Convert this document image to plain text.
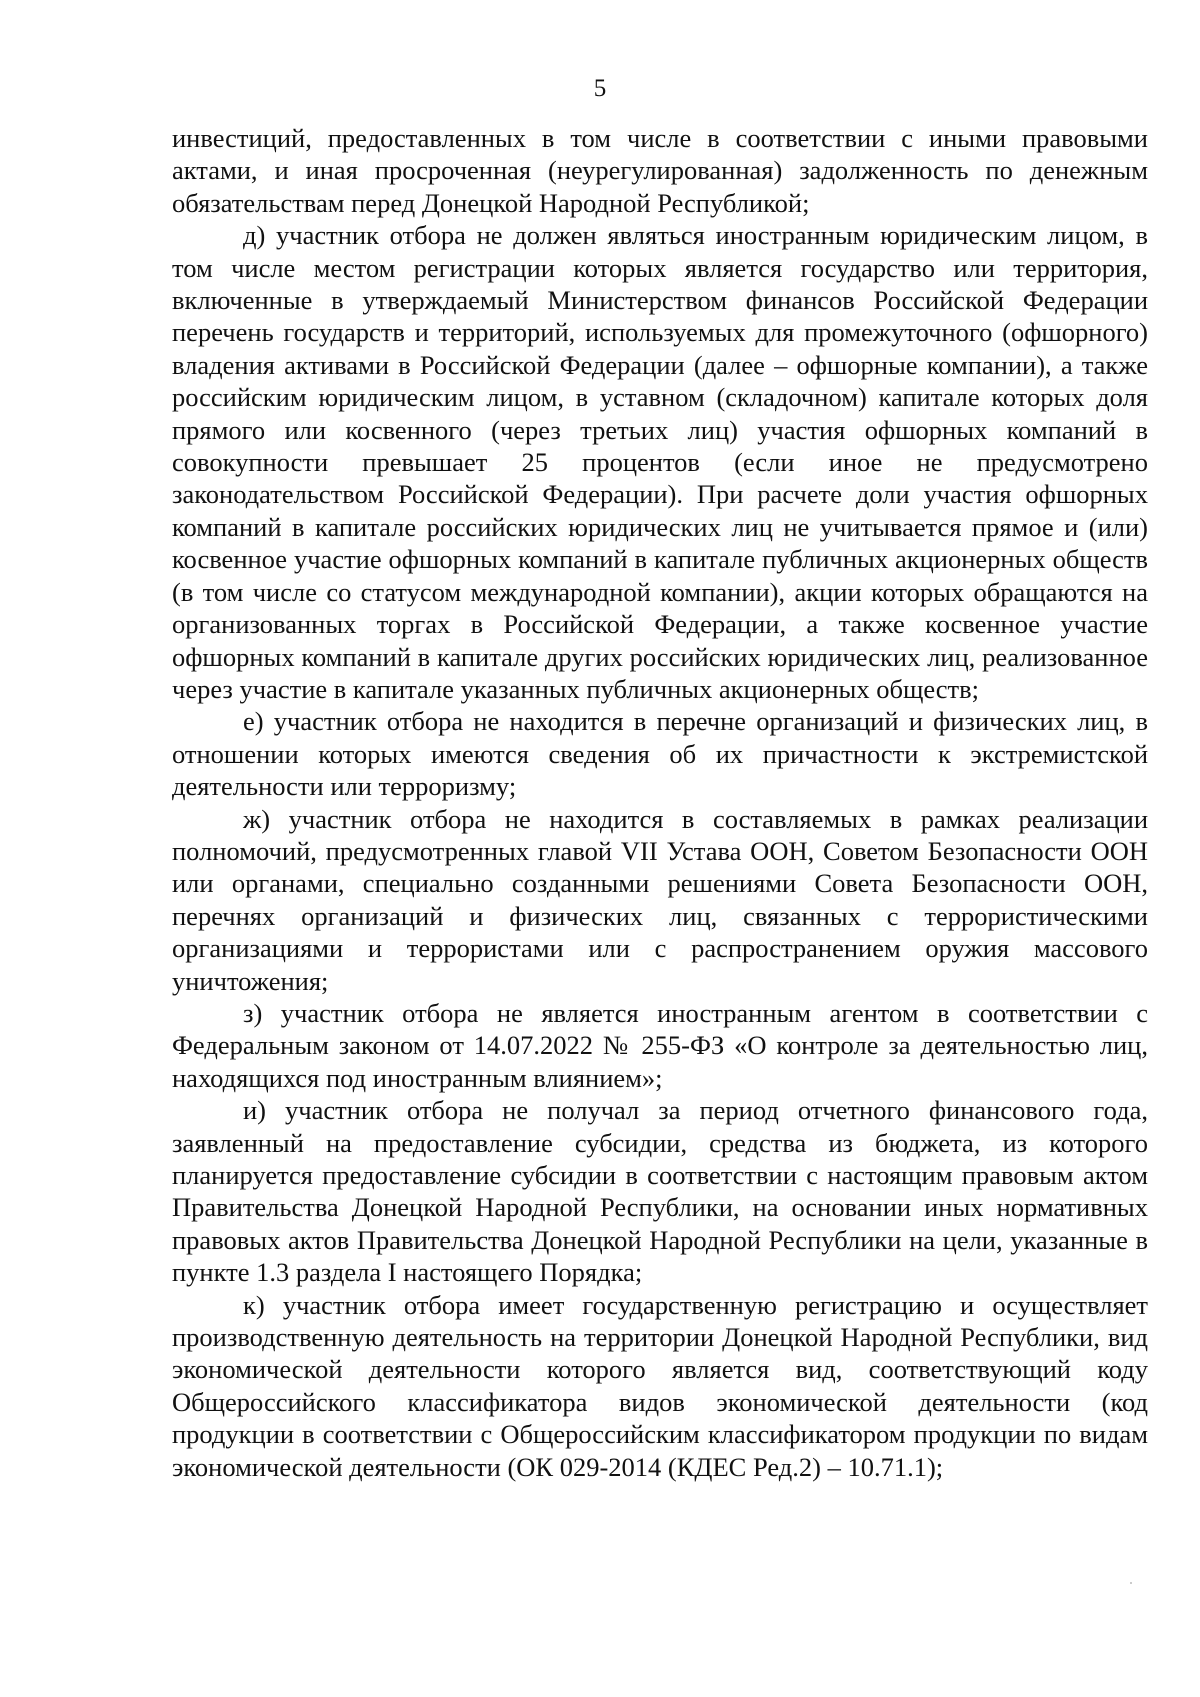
5

инвестиций, предоставленных в том числе в соответствии с иными правовыми актами, и иная просроченная (неурегулированная) задолженность по денежным обязательствам перед Донецкой Народной Республикой;

д) участник отбора не должен являться иностранным юридическим лицом, в том числе местом регистрации которых является государство или территория, включенные в утверждаемый Министерством финансов Российской Федерации перечень государств и территорий, используемых для промежуточного (офшорного) владения активами в Российской Федерации (далее – офшорные компании), а также российским юридическим лицом, в уставном (складочном) капитале которых доля прямого или косвенного (через третьих лиц) участия офшорных компаний в совокупности превышает 25 процентов (если иное не предусмотрено законодательством Российской Федерации). При расчете доли участия офшорных компаний в капитале российских юридических лиц не учитывается прямое и (или) косвенное участие офшорных компаний в капитале публичных акционерных обществ (в том числе со статусом международной компании), акции которых обращаются на организованных торгах в Российской Федерации, а также косвенное участие офшорных компаний в капитале других российских юридических лиц, реализованное через участие в капитале указанных публичных акционерных обществ;

е) участник отбора не находится в перечне организаций и физических лиц, в отношении которых имеются сведения об их причастности к экстремистской деятельности или терроризму;

ж) участник отбора не находится в составляемых в рамках реализации полномочий, предусмотренных главой VII Устава ООН, Советом Безопасности ООН или органами, специально созданными решениями Совета Безопасности ООН, перечнях организаций и физических лиц, связанных с террористическими организациями и террористами или с распространением оружия массового уничтожения;

з) участник отбора не является иностранным агентом в соответствии с Федеральным законом от 14.07.2022 № 255-ФЗ «О контроле за деятельностью лиц, находящихся под иностранным влиянием»;

и) участник отбора не получал за период отчетного финансового года, заявленный на предоставление субсидии, средства из бюджета, из которого планируется предоставление субсидии в соответствии с настоящим правовым актом Правительства Донецкой Народной Республики, на основании иных нормативных правовых актов Правительства Донецкой Народной Республики на цели, указанные в пункте 1.3 раздела I настоящего Порядка;

к) участник отбора имеет государственную регистрацию и осуществляет производственную деятельность на территории Донецкой Народной Республики, вид экономической деятельности которого является вид, соответствующий коду Общероссийского классификатора видов экономической деятельности (код продукции в соответствии с Общероссийским классификатором продукции по видам экономической деятельности (ОК 029-2014 (КДЕС Ред.2) – 10.71.1);
